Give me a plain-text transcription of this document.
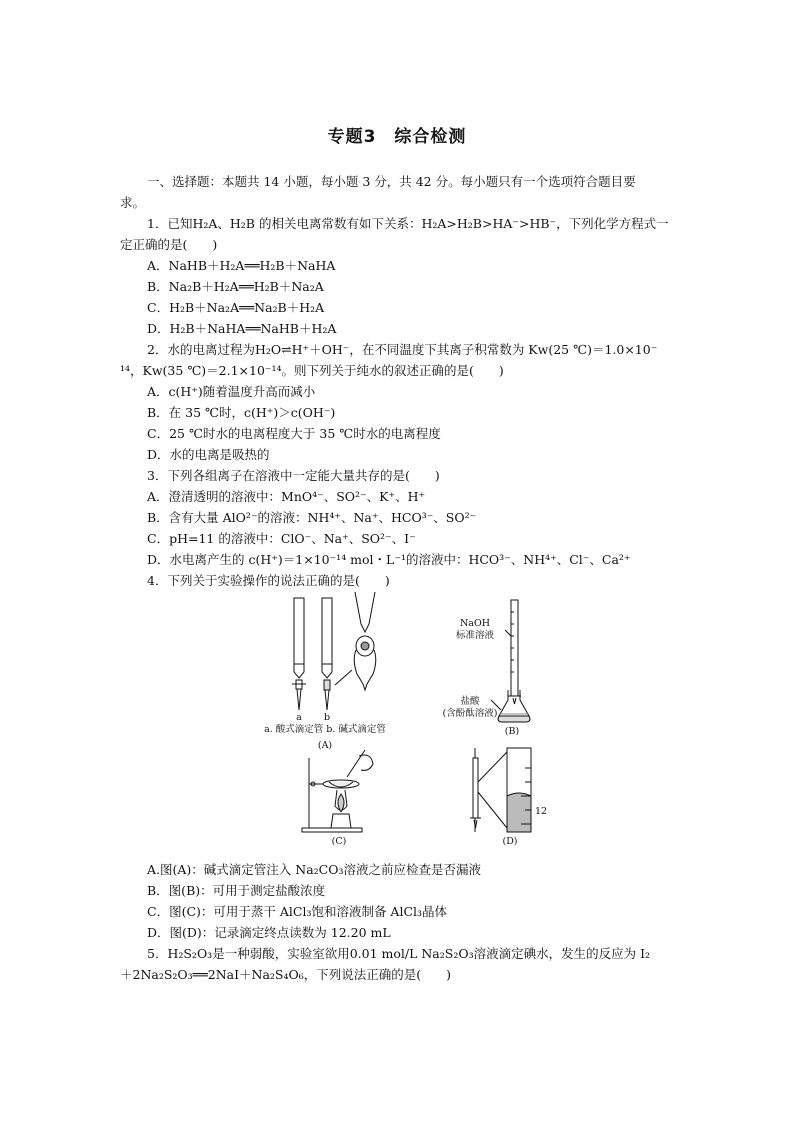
专题3　综合检测
一、选择题：本题共 14 小题，每小题 3 分，共 42 分。每小题只有一个选项符合题目要
求。
1．已知H₂A、H₂B 的相关电离常数有如下关系：H₂A>H₂B>HA⁻>HB⁻，下列化学方程式一
定正确的是(　　)
A．NaHB＋H₂A══H₂B＋NaHA
B．Na₂B＋H₂A══H₂B＋Na₂A
C．H₂B＋Na₂A══Na₂B＋H₂A
D．H₂B＋NaHA══NaHB＋H₂A
2．水的电离过程为H₂O⇌H⁺＋OH⁻，在不同温度下其离子积常数为 Kw(25 ℃)＝1.0×10⁻
¹⁴，Kw(35 ℃)＝2.1×10⁻¹⁴。则下列关于纯水的叙述正确的是(　　)
A．c(H⁺)随着温度升高而减小
B．在 35 ℃时，c(H⁺)＞c(OH⁻)
C．25 ℃时水的电离程度大于 35 ℃时水的电离程度
D．水的电离是吸热的
3．下列各组离子在溶液中一定能大量共存的是(　　)
A．澄清透明的溶液中：MnO⁴⁻、SO²⁻、K⁺、H⁺
B．含有大量 AlO²⁻的溶液：NH⁴⁺、Na⁺、HCO³⁻、SO²⁻
C．pH=11 的溶液中：ClO⁻、Na⁺、SO²⁻、I⁻
D．水电离产生的 c(H⁺)＝1×10⁻¹⁴ mol・L⁻¹的溶液中：HCO³⁻、NH⁴⁺、Cl⁻、Ca²⁺
4．下列关于实验操作的说法正确的是(　　)
a b
a. 酸式滴定管 b. 碱式滴定管
(A)
NaOH
标准溶液
盐酸
(含酚酞溶液)
(B)
(C)
12
(D)
A.图(A)：碱式滴定管注入 Na₂CO₃溶液之前应检查是否漏液
B．图(B)：可用于测定盐酸浓度
C．图(C)：可用于蒸干 AlCl₃饱和溶液制备 AlCl₃晶体
D．图(D)：记录滴定终点读数为 12.20 mL
5．H₂S₂O₃是一种弱酸，实验室欲用0.01 mol/L Na₂S₂O₃溶液滴定碘水，发生的反应为 I₂
＋2Na₂S₂O₃══2NaI＋Na₂S₄O₆，下列说法正确的是(　　)
